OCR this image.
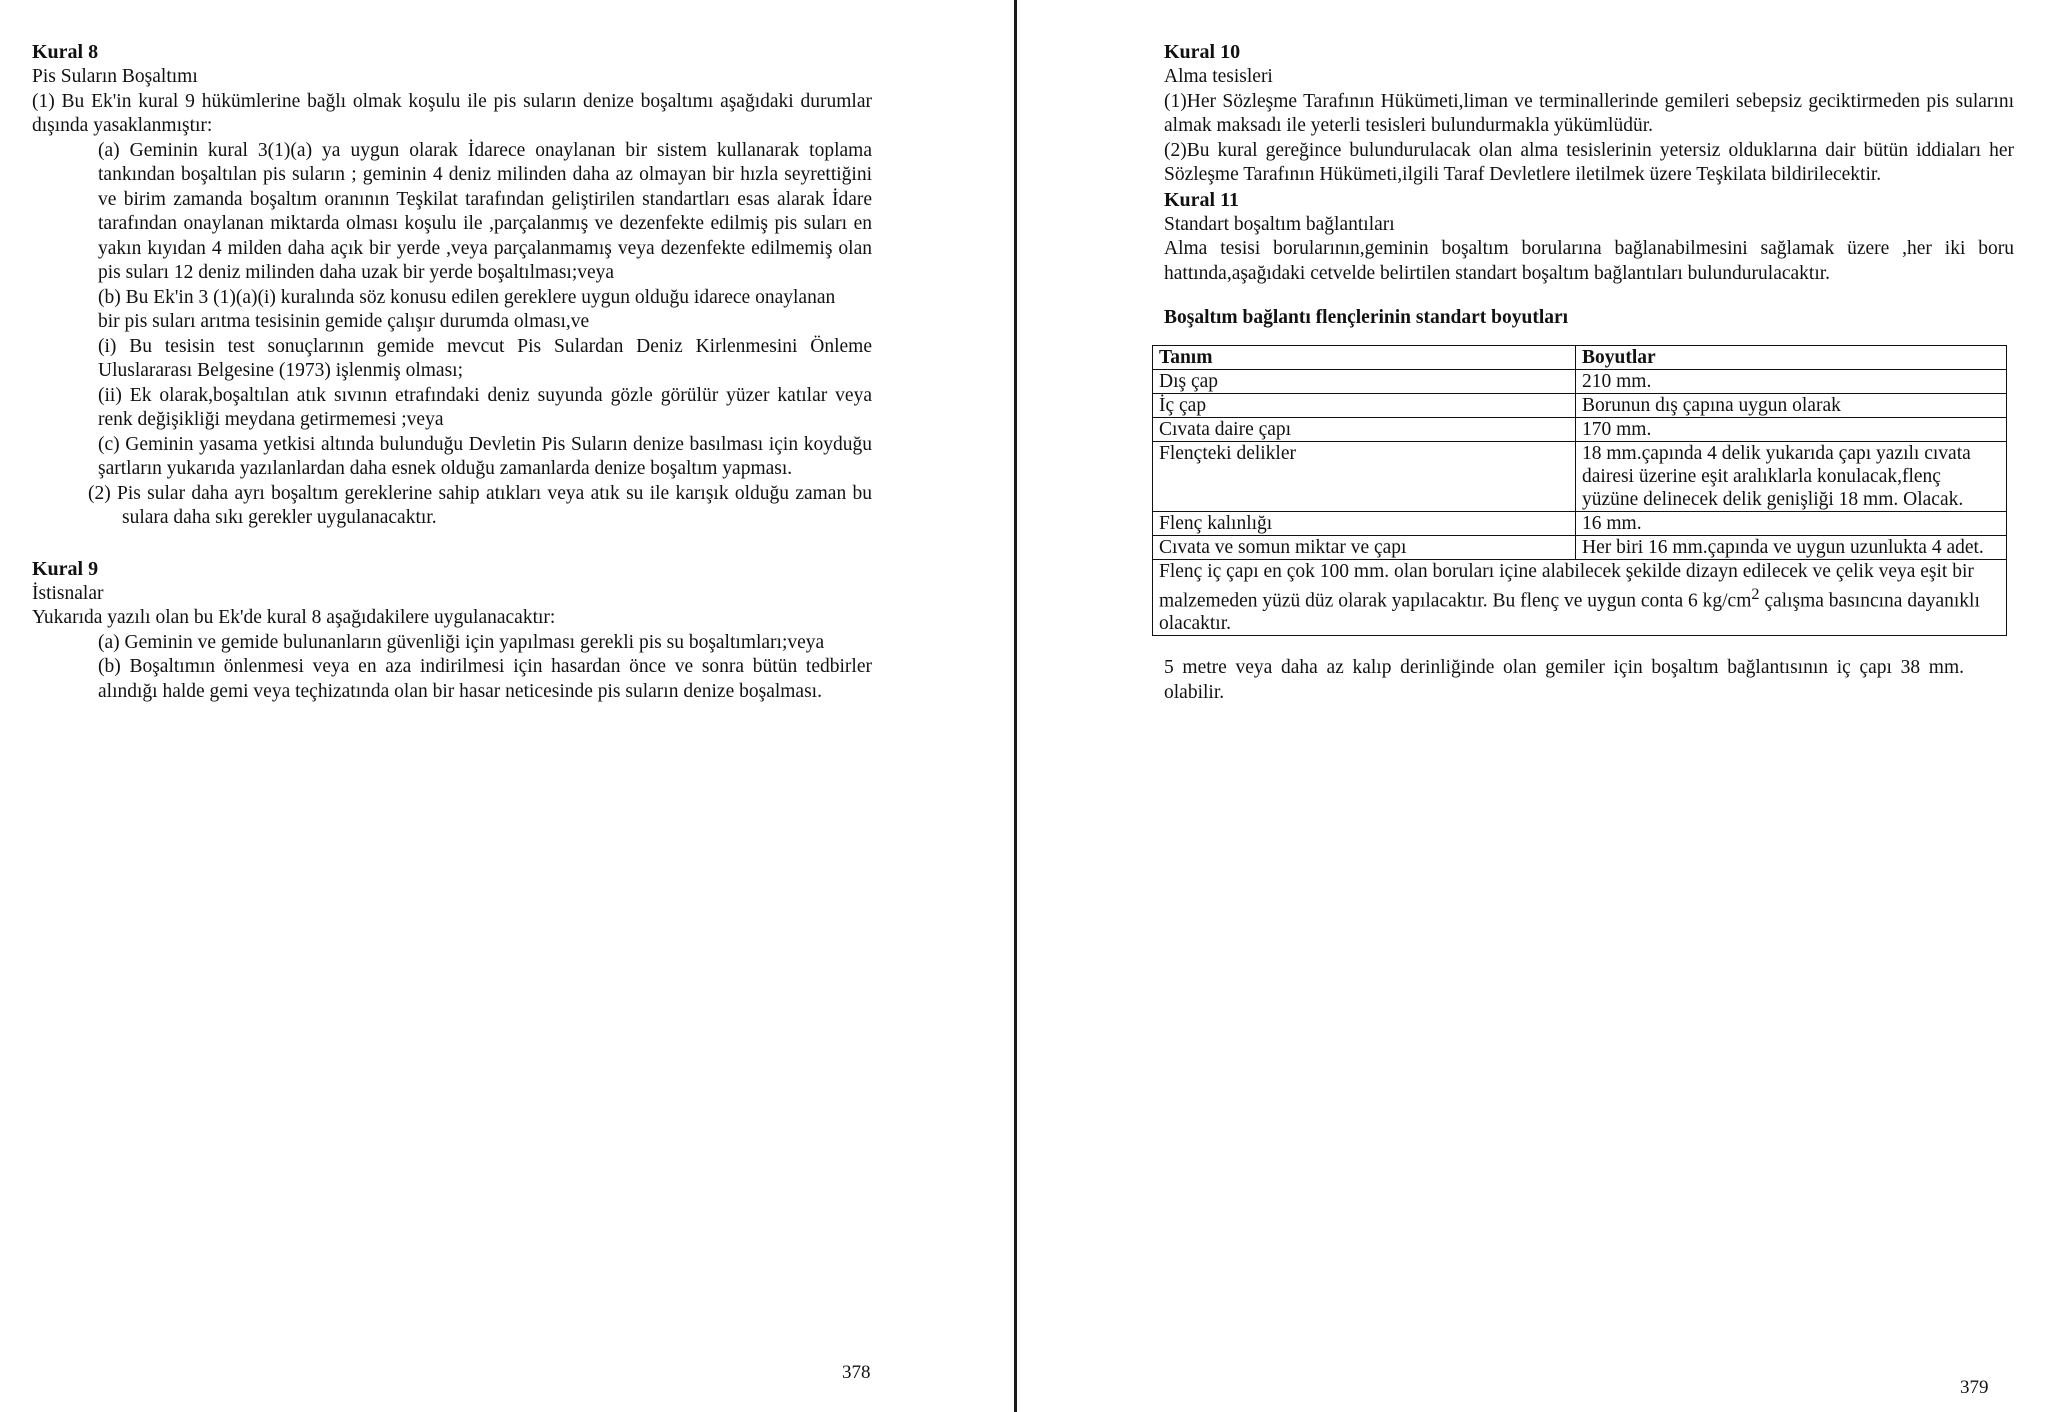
Kural 8
Pis Suların Boşaltımı

(1) Bu Ek'in kural 9 hükümlerine bağlı olmak koşulu ile pis suların denize boşaltımı aşağıdaki durumlar dışında yasaklanmıştır:

(a) Geminin kural 3(1)(a) ya uygun olarak İdarece onaylanan bir sistem kullanarak toplama tankından boşaltılan pis suların ; geminin 4 deniz milinden daha az olmayan bir hızla seyrettiğini ve birim zamanda boşaltım oranının Teşkilat tarafından geliştirilen standartları esas alarak İdare tarafından onaylanan miktarda olması koşulu ile ,parçalanmış ve dezenfekte edilmiş pis suları en yakın kıyıdan 4 milden daha açık bir yerde ,veya parçalanmamış veya dezenfekte edilmemiş olan pis suları 12 deniz milinden daha uzak bir yerde boşaltılması;veya

(b) Bu Ek'in 3 (1)(a)(i) kuralında söz konusu edilen gereklere uygun olduğu idarece onaylanan

bir pis suları arıtma tesisinin gemide çalışır durumda olması,ve

(i) Bu tesisin test sonuçlarının gemide mevcut Pis Sulardan Deniz Kirlenmesini Önleme Uluslararası Belgesine (1973) işlenmiş olması;

(ii) Ek olarak,boşaltılan atık sıvının etrafındaki deniz suyunda gözle görülür yüzer katılar veya renk değişikliği meydana getirmemesi ;veya

(c) Geminin yasama yetkisi altında bulunduğu Devletin Pis Suların denize basılması için koyduğu şartların yukarıda yazılanlardan daha esnek olduğu zamanlarda denize boşaltım yapması.

(2) Pis sular daha ayrı boşaltım gereklerine sahip atıkları veya atık su ile karışık olduğu zaman bu sulara daha sıkı gerekler uygulanacaktır.

Kural 9
İstisnalar

Yukarıda yazılı olan bu Ek'de kural 8 aşağıdakilere uygulanacaktır:

(a) Geminin ve gemide bulunanların güvenliği için yapılması gerekli pis su boşaltımları;veya

(b) Boşaltımın önlenmesi veya en aza indirilmesi için hasardan önce ve sonra bütün tedbirler alındığı halde gemi veya teçhizatında olan bir hasar neticesinde pis suların denize boşalması.

378
Kural 10
Alma tesisleri

(1)Her Sözleşme Tarafının Hükümeti,liman ve terminallerinde gemileri sebepsiz geciktirmeden pis sularını almak maksadı ile yeterli tesisleri bulundurmakla yükümlüdür.

(2)Bu kural gereğince bulundurulacak olan alma tesislerinin yetersiz olduklarına dair bütün iddiaları her Sözleşme Tarafının Hükümeti,ilgili Taraf Devletlere iletilmek üzere Teşkilata bildirilecektir.

Kural 11
Standart boşaltım bağlantıları

Alma tesisi borularının,geminin boşaltım borularına bağlanabilmesini sağlamak üzere ,her iki boru hattında,aşağıdaki cetvelde belirtilen standart boşaltım bağlantıları bulundurulacaktır.

Boşaltım bağlantı flençlerinin standart boyutları
Tanım	Boyutlar
Dış çap	210 mm.
İç çap	Borunun dış çapına uygun olarak
Cıvata daire çapı	170 mm.
Flençteki delikler	18 mm.çapında 4 delik yukarıda çapı yazılı cıvata dairesi üzerine eşit aralıklarla konulacak,flenç yüzüne delinecek delik genişliği 18 mm. Olacak.
Flenç kalınlığı	16 mm.
Cıvata ve somun miktar ve çapı	Her biri 16 mm.çapında ve uygun uzunlukta 4 adet.
Flenç iç çapı en çok 100 mm. olan boruları içine alabilecek şekilde dizayn edilecek ve çelik veya eşit bir malzemeden yüzü düz olarak yapılacaktır. Bu flenç ve uygun conta 6 $kg/cm^2$ çalışma basıncına dayanıklı olacaktır.	

5 metre veya daha az kalıp derinliğinde olan gemiler için boşaltım bağlantısının iç çapı 38 mm. olabilir.

379
